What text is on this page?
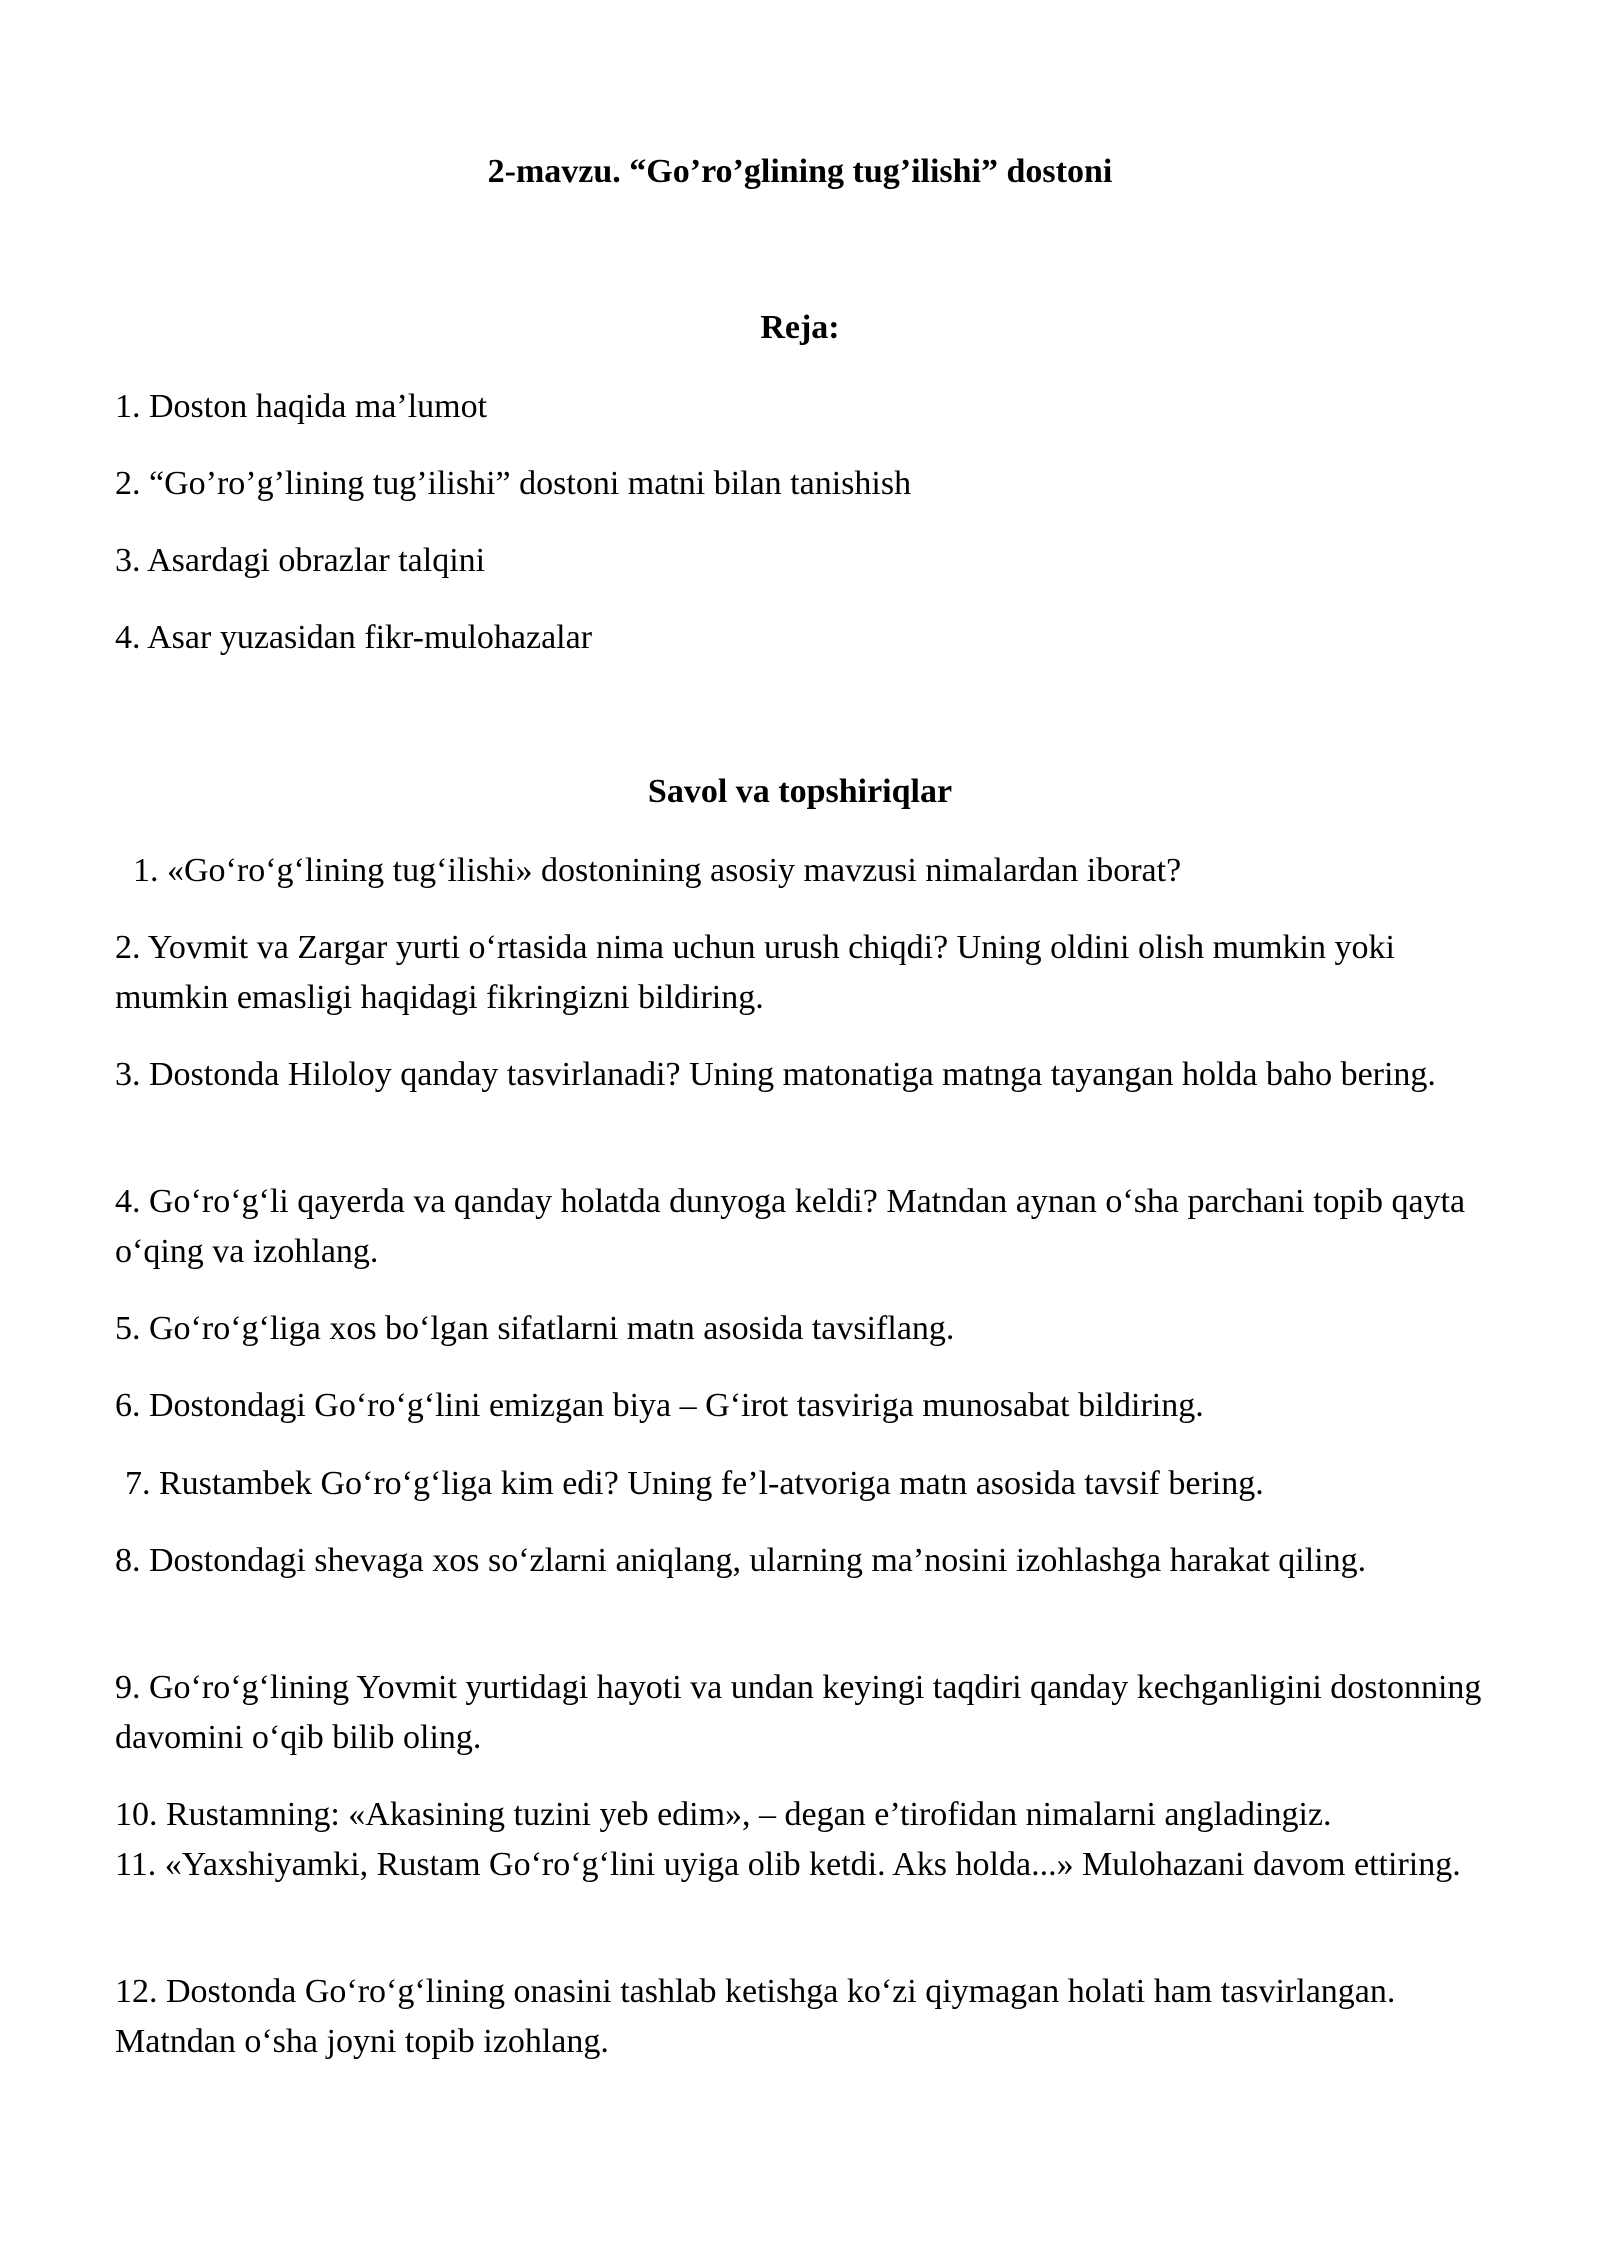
2-mavzu. “Go’ro’glining tug’ilishi” dostoni
Reja:
1. Doston haqida ma’lumot
2. “Go’ro’g’lining tug’ilishi” dostoni matni bilan tanishish
3. Asardagi obrazlar talqini
4. Asar yuzasidan fikr-mulohazalar
Savol va topshiriqlar
1. «Go‘ro‘g‘lining tug‘ilishi» dostonining asosiy mavzusi nimalardan iborat?
2. Yovmit va Zargar yurti o‘rtasida nima uchun urush chiqdi? Uning oldini olish mumkin yoki mumkin emasligi haqidagi fikringizni bildiring.
3. Dostonda Hiloloy qanday tasvirlanadi? Uning matonatiga matnga tayangan holda baho bering.
4. Go‘ro‘g‘li qayerda va qanday holatda dunyoga keldi? Matndan aynan o‘sha parchani topib qayta o‘qing va izohlang.
5. Go‘ro‘g‘liga xos bo‘lgan sifatlarni matn asosida tavsiflang.
6. Dostondagi Go‘ro‘g‘lini emizgan biya – G‘irot tasviriga munosabat bildiring.
7. Rustambek Go‘ro‘g‘liga kim edi? Uning fe’l-atvoriga matn asosida tavsif bering.
8. Dostondagi shevaga xos so‘zlarni aniqlang, ularning ma’nosini izohlashga harakat qiling.
9. Go‘ro‘g‘lining Yovmit yurtidagi hayoti va undan keyingi taqdiri qanday kechganligini dostonning davomini o‘qib bilib oling.
10. Rustamning: «Akasining tuzini yeb edim», – degan e’tirofidan nimalarni angladingiz.
11. «Yaxshiyamki, Rustam Go‘ro‘g‘lini uyiga olib ketdi. Aks holda...» Mulohazani davom ettiring.
12. Dostonda Go‘ro‘g‘lining onasini tashlab ketishga ko‘zi qiymagan holati ham tasvirlangan. Matndan o‘sha joyni topib izohlang.
